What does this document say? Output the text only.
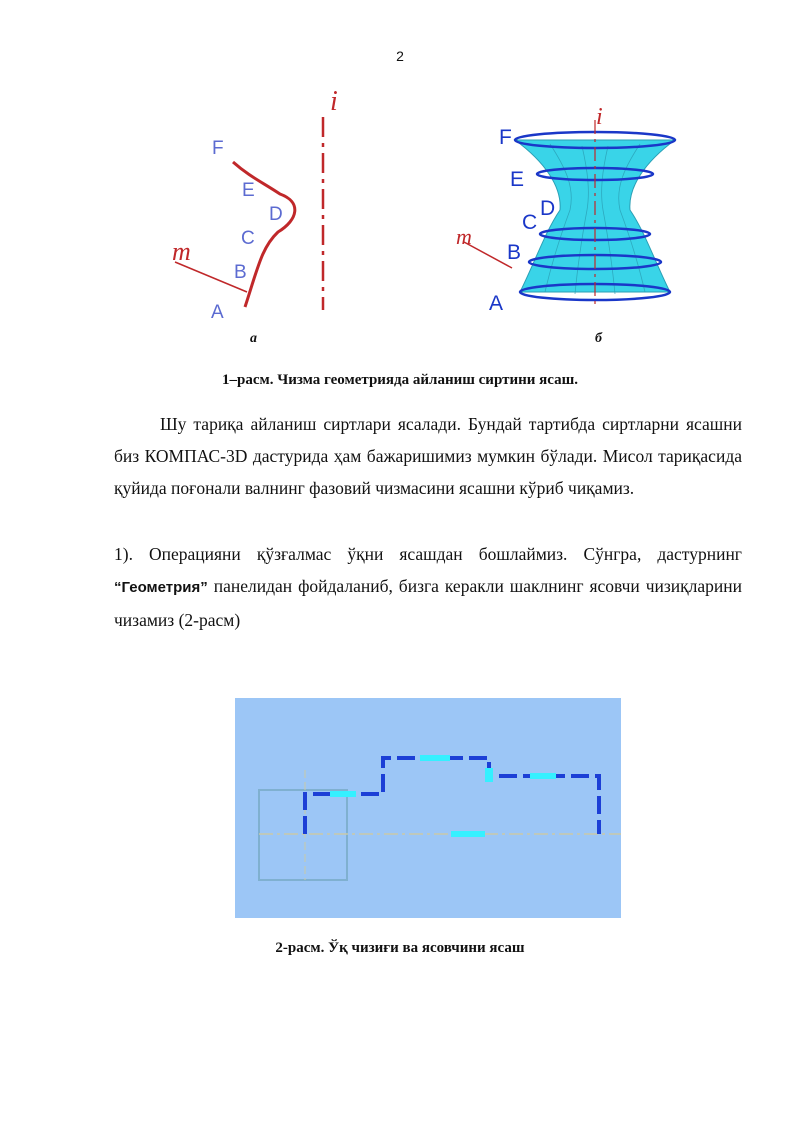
2
i
m
F
E
D
C
B
A
а
i
m
F
E
D
C
B
A
б
1–расм. Чизма геометрияда айланиш сиртини ясаш.
Шу тариқа айланиш сиртлари ясалади. Бундай тартибда сиртларни ясашни биз КОМПАС-3D дастурида ҳам бажаришимиз мумкин бўлади. Мисол тариқасида қуйида поғонали валнинг фазовий чизмасини ясашни кўриб чиқамиз.
1). Операцияни қўзғалмас ўқни ясашдан бошлаймиз. Сўнгра, дастурнинг “Геометрия” панелидан фойдаланиб, бизга керакли шаклнинг ясовчи чизиқларини чизамиз (2-расм)
2-расм. Ўқ чизиғи ва ясовчини ясаш
